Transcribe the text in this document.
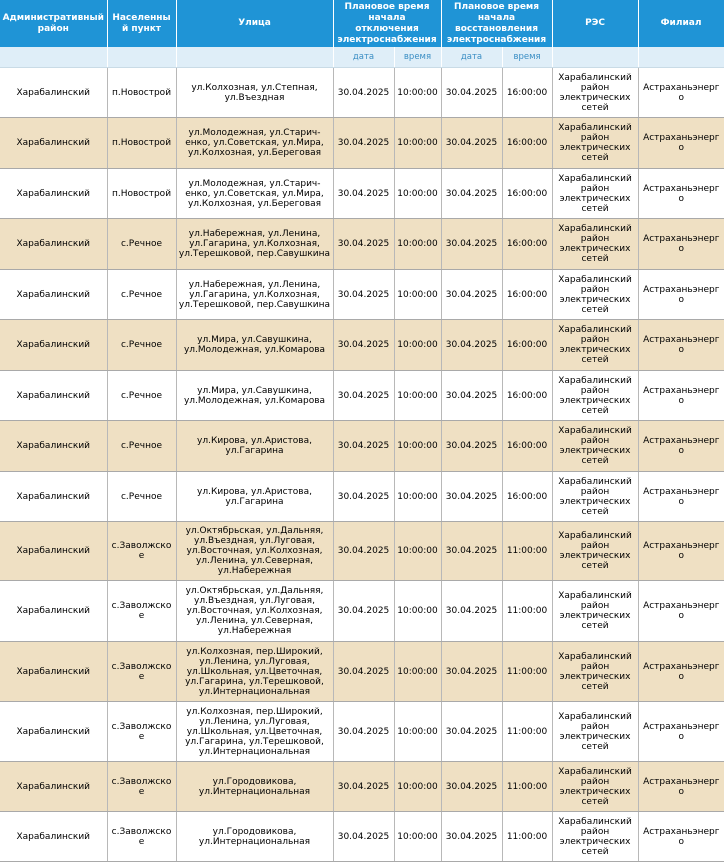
Административный район	Населенный пункт	Улица	Плановое время начала отключения электроснабжения		Плановое время начала восстановления электроснабжения		РЭС	Филиал
			дата	время	дата	время		
Харабалинский	п.Новострой	ул.Колхозная, ул.Степная, ул.Въездная	30.04.2025	10:00:00	30.04.2025	16:00:00	Харабалинский район электрических сетей	Астраханьэнерго
Харабалинский	п.Новострой	ул.Молодежная, ул.Стариченко, ул.Советская, ул.Мира, ул.Колхозная, ул.Береговая	30.04.2025	10:00:00	30.04.2025	16:00:00	Харабалинский район электрических сетей	Астраханьэнерго
Харабалинский	п.Новострой	ул.Молодежная, ул.Стариченко, ул.Советская, ул.Мира, ул.Колхозная, ул.Береговая	30.04.2025	10:00:00	30.04.2025	16:00:00	Харабалинский район электрических сетей	Астраханьэнерго
Харабалинский	с.Речное	ул.Набережная, ул.Ленина, ул.Гагарина, ул.Колхозная, ул.Терешковой, пер.Савушкина	30.04.2025	10:00:00	30.04.2025	16:00:00	Харабалинский район электрических сетей	Астраханьэнерго
Харабалинский	с.Речное	ул.Набережная, ул.Ленина, ул.Гагарина, ул.Колхозная, ул.Терешковой, пер.Савушкина	30.04.2025	10:00:00	30.04.2025	16:00:00	Харабалинский район электрических сетей	Астраханьэнерго
Харабалинский	с.Речное	ул.Мира, ул.Савушкина, ул.Молодежная, ул.Комарова	30.04.2025	10:00:00	30.04.2025	16:00:00	Харабалинский район электрических сетей	Астраханьэнерго
Харабалинский	с.Речное	ул.Мира, ул.Савушкина, ул.Молодежная, ул.Комарова	30.04.2025	10:00:00	30.04.2025	16:00:00	Харабалинский район электрических сетей	Астраханьэнерго
Харабалинский	с.Речное	ул.Кирова, ул.Аристова, ул.Гагарина	30.04.2025	10:00:00	30.04.2025	16:00:00	Харабалинский район электрических сетей	Астраханьэнерго
Харабалинский	с.Речное	ул.Кирова, ул.Аристова, ул.Гагарина	30.04.2025	10:00:00	30.04.2025	16:00:00	Харабалинский район электрических сетей	Астраханьэнерго
Харабалинский	с.Заволжское	ул.Октябрьская, ул.Дальняя, ул.Въездная, ул.Луговая, ул.Восточная, ул.Колхозная, ул.Ленина, ул.Северная, ул.Набережная	30.04.2025	10:00:00	30.04.2025	11:00:00	Харабалинский район электрических сетей	Астраханьэнерго
Харабалинский	с.Заволжское	ул.Октябрьская, ул.Дальняя, ул.Въездная, ул.Луговая, ул.Восточная, ул.Колхозная, ул.Ленина, ул.Северная, ул.Набережная	30.04.2025	10:00:00	30.04.2025	11:00:00	Харабалинский район электрических сетей	Астраханьэнерго
Харабалинский	с.Заволжское	ул.Колхозная, пер.Широкий, ул.Ленина, ул.Луговая, ул.Школьная, ул.Цветочная, ул.Гагарина, ул.Терешковой, ул.Интернациональная	30.04.2025	10:00:00	30.04.2025	11:00:00	Харабалинский район электрических сетей	Астраханьэнерго
Харабалинский	с.Заволжское	ул.Колхозная, пер.Широкий, ул.Ленина, ул.Луговая, ул.Школьная, ул.Цветочная, ул.Гагарина, ул.Терешковой, ул.Интернациональная	30.04.2025	10:00:00	30.04.2025	11:00:00	Харабалинский район электрических сетей	Астраханьэнерго
Харабалинский	с.Заволжское	ул.Городовикова, ул.Интернациональная	30.04.2025	10:00:00	30.04.2025	11:00:00	Харабалинский район электрических сетей	Астраханьэнерго
Харабалинский	с.Заволжское	ул.Городовикова, ул.Интернациональная	30.04.2025	10:00:00	30.04.2025	11:00:00	Харабалинский район электрических сетей	Астраханьэнерго
